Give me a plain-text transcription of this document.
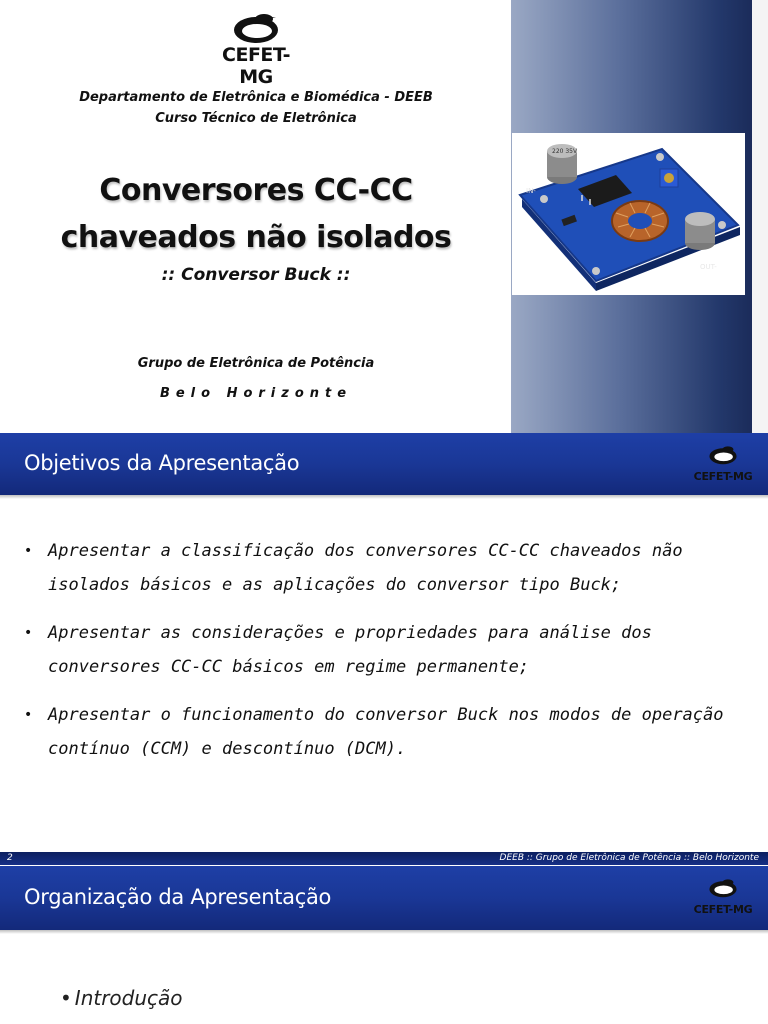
CEFET-MG
Departamento de Eletrônica e Biomédica - DEEB
Curso Técnico de Eletrônica
Conversores CC-CC
chaveados não isolados
:: Conversor Buck ::
Grupo de Eletrônica de Potência
Belo Horizonte
220 35V
IN-
OUT-
Objetivos da Apresentação
CEFET-MG
• Apresentar a classificação dos conversores CC-CC chaveados não isolados básicos e as aplicações do conversor tipo Buck;
• Apresentar as considerações e propriedades para análise dos conversores CC-CC básicos em regime permanente;
• Apresentar o funcionamento do conversor Buck nos modos de operação contínuo (CCM) e descontínuo (DCM).
2	DEEB :: Grupo de Eletrônica de Potência :: Belo Horizonte
Organização da Apresentação
CEFET-MG
• Introdução
